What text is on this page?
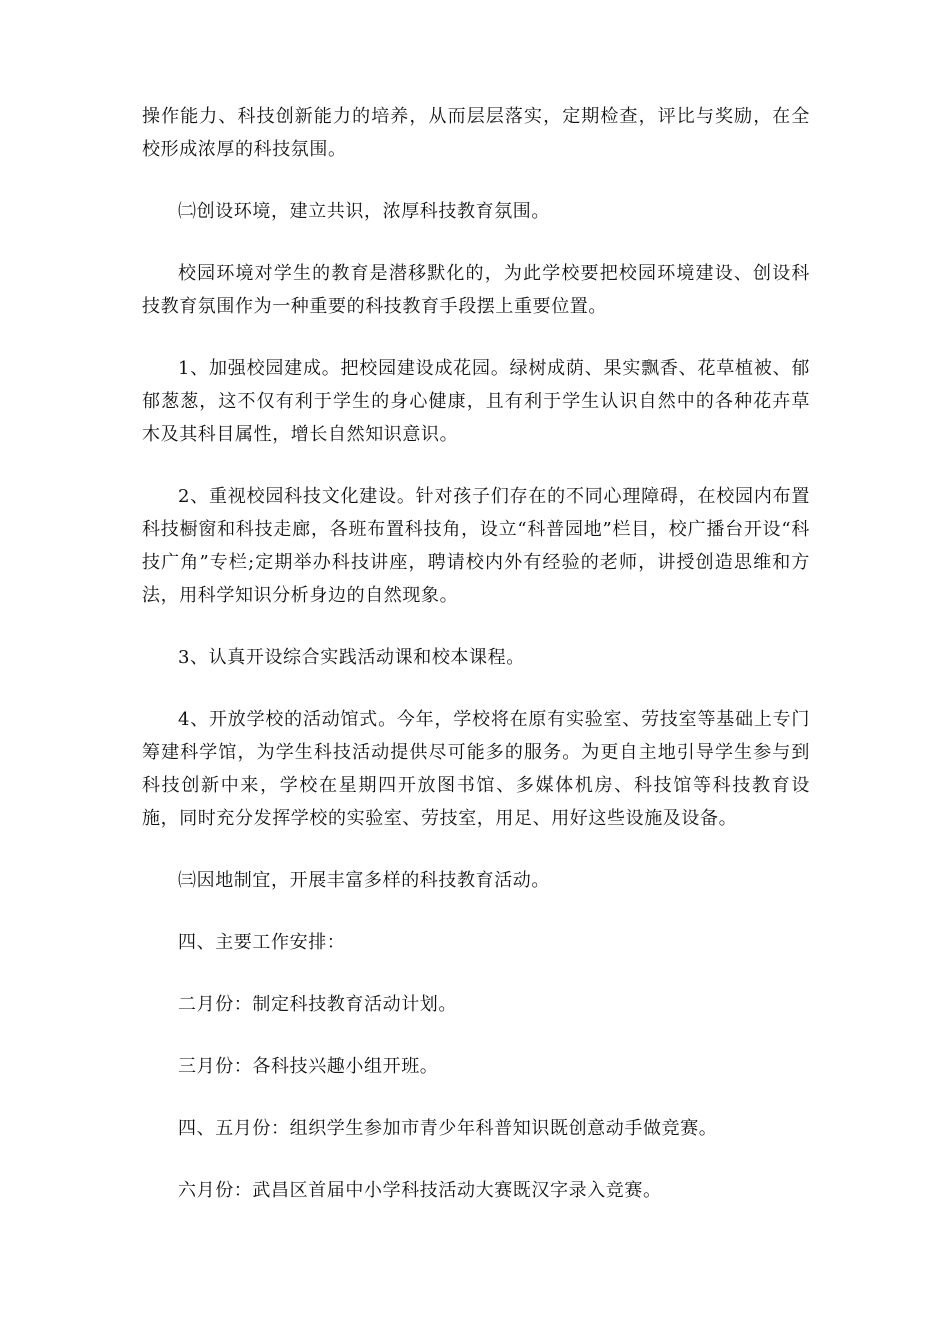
操作能力、科技创新能力的培养，从而层层落实，定期检查，评比与奖励，在全校形成浓厚的科技氛围。

㈡创设环境，建立共识，浓厚科技教育氛围。

校园环境对学生的教育是潜移默化的，为此学校要把校园环境建设、创设科技教育氛围作为一种重要的科技教育手段摆上重要位置。

1、加强校园建成。把校园建设成花园。绿树成荫、果实飘香、花草植被、郁郁葱葱，这不仅有利于学生的身心健康，且有利于学生认识自然中的各种花卉草木及其科目属性，增长自然知识意识。

2、重视校园科技文化建设。针对孩子们存在的不同心理障碍，在校园内布置科技橱窗和科技走廊，各班布置科技角，设立“科普园地”栏目，校广播台开设“科技广角”专栏;定期举办科技讲座，聘请校内外有经验的老师，讲授创造思维和方法，用科学知识分析身边的自然现象。

3、认真开设综合实践活动课和校本课程。

4、开放学校的活动馆式。今年，学校将在原有实验室、劳技室等基础上专门筹建科学馆，为学生科技活动提供尽可能多的服务。为更自主地引导学生参与到科技创新中来，学校在星期四开放图书馆、多媒体机房、科技馆等科技教育设施，同时充分发挥学校的实验室、劳技室，用足、用好这些设施及设备。

㈢因地制宜，开展丰富多样的科技教育活动。

四、主要工作安排：

二月份：制定科技教育活动计划。

三月份：各科技兴趣小组开班。

四、五月份：组织学生参加市青少年科普知识既创意动手做竞赛。

六月份：武昌区首届中小学科技活动大赛既汉字录入竞赛。
